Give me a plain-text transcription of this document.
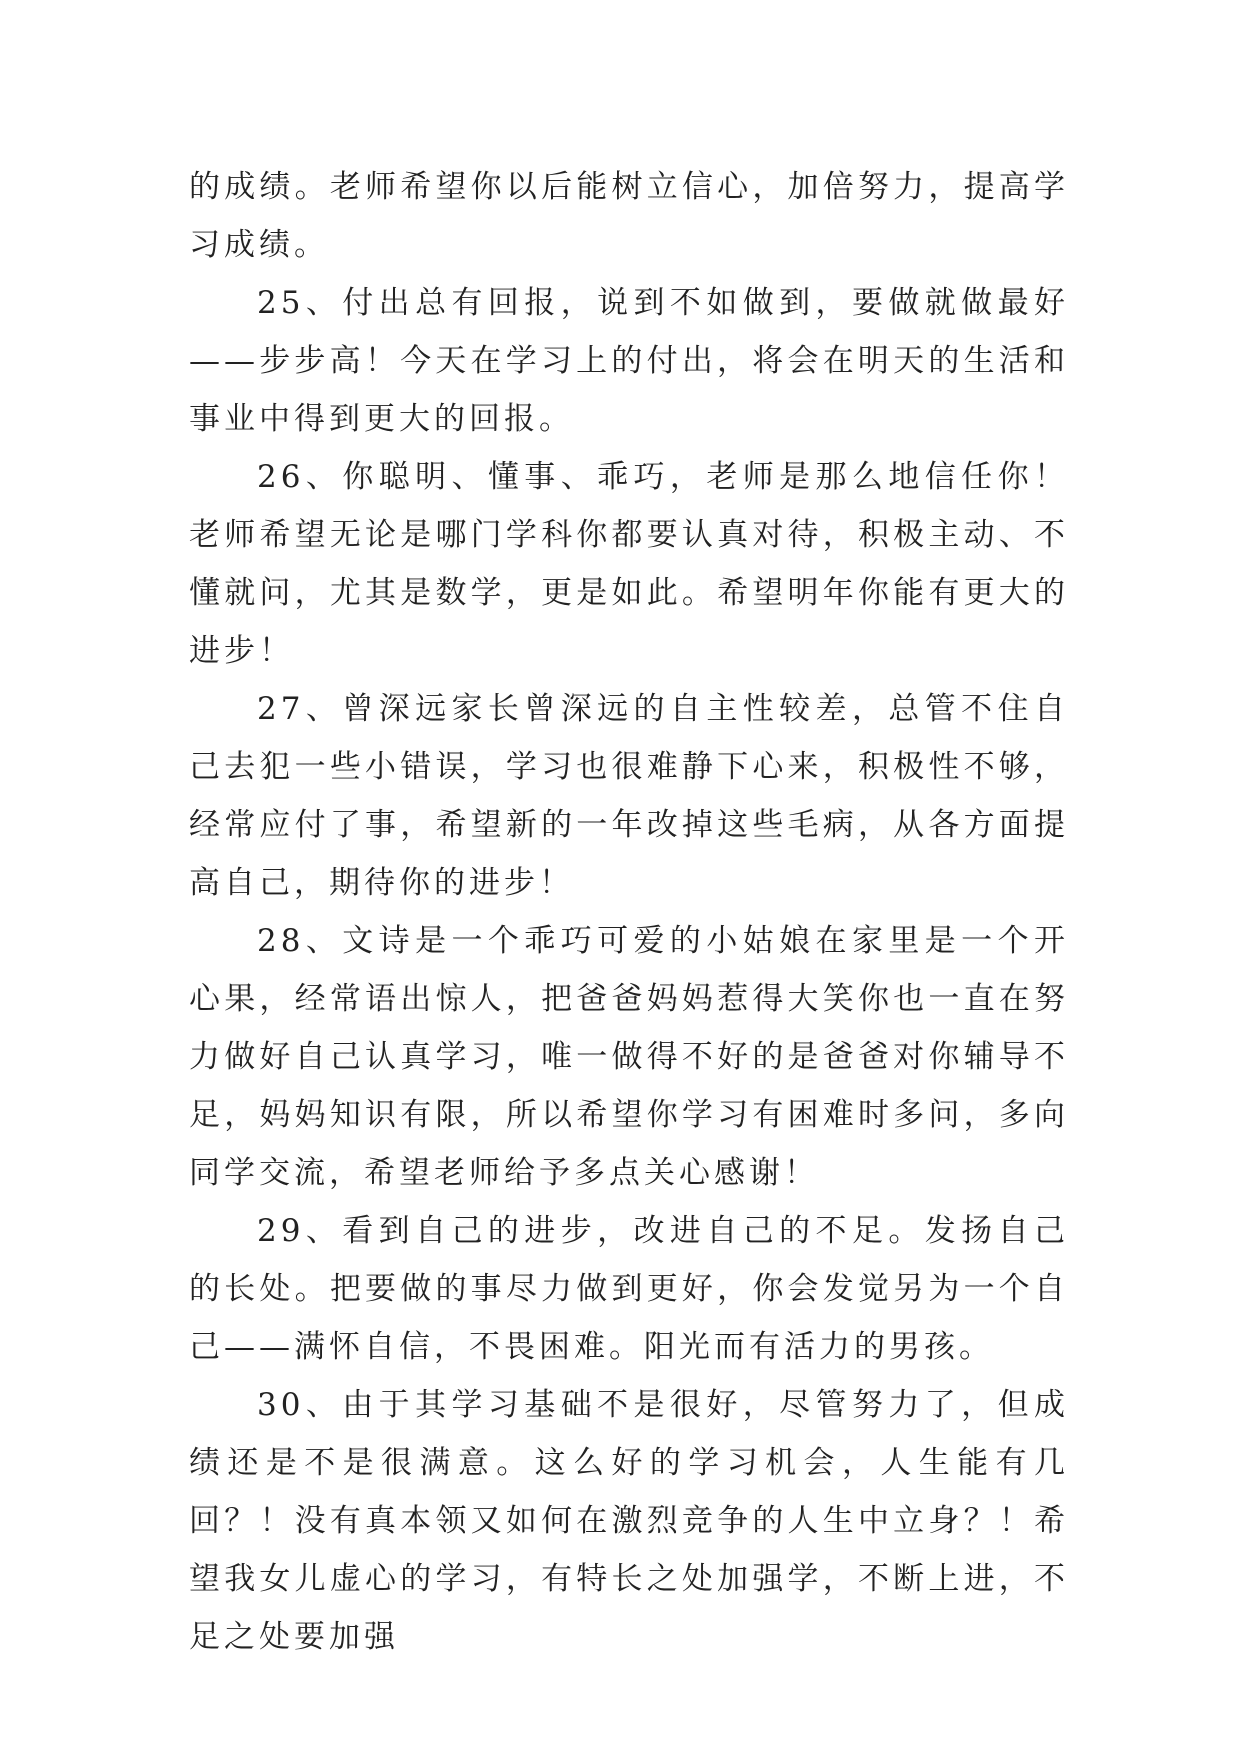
的成绩。老师希望你以后能树立信心，加倍努力，提高学习成绩。

25、付出总有回报，说到不如做到，要做就做最好——步步高！今天在学习上的付出，将会在明天的生活和事业中得到更大的回报。

26、你聪明、懂事、乖巧，老师是那么地信任你！老师希望无论是哪门学科你都要认真对待，积极主动、不懂就问，尤其是数学，更是如此。希望明年你能有更大的进步！

27、曾深远家长曾深远的自主性较差，总管不住自己去犯一些小错误，学习也很难静下心来，积极性不够，经常应付了事，希望新的一年改掉这些毛病，从各方面提高自己，期待你的进步！

28、文诗是一个乖巧可爱的小姑娘在家里是一个开心果，经常语出惊人，把爸爸妈妈惹得大笑你也一直在努力做好自己认真学习，唯一做得不好的是爸爸对你辅导不足，妈妈知识有限，所以希望你学习有困难时多问，多向同学交流，希望老师给予多点关心感谢！

29、看到自己的进步，改进自己的不足。发扬自己的长处。把要做的事尽力做到更好，你会发觉另为一个自己——满怀自信，不畏困难。阳光而有活力的男孩。

30、由于其学习基础不是很好，尽管努力了，但成绩还是不是很满意。这么好的学习机会，人生能有几回？！没有真本领又如何在激烈竞争的人生中立身？！希望我女儿虚心的学习，有特长之处加强学，不断上进，不足之处要加强
